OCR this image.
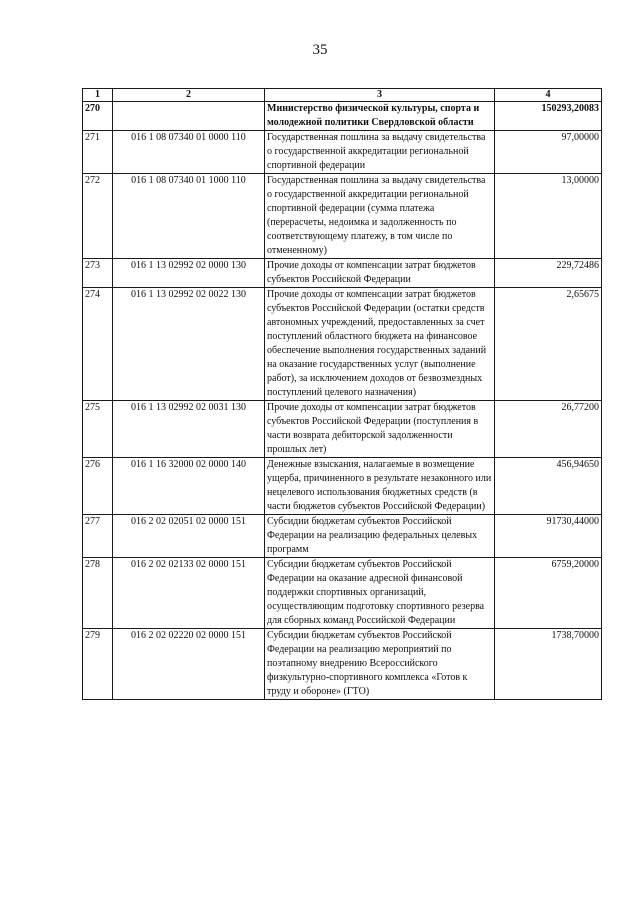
35
1	2	3	4
270		Министерство физической культуры, спорта и молодежной политики Свердловской области	150293,20083
271	016 1 08 07340 01 0000 110	Государственная пошлина за выдачу свидетельства о государственной аккредитации региональной спортивной федерации	97,00000
272	016 1 08 07340 01 1000 110	Государственная пошлина за выдачу свидетельства о государственной аккредитации региональной спортивной федерации (сумма платежа (перерасчеты, недоимка и задолженность по соответствующему платежу, в том числе по отмененному)	13,00000
273	016 1 13 02992 02 0000 130	Прочие доходы от компенсации затрат бюджетов субъектов Российской Федерации	229,72486
274	016 1 13 02992 02 0022 130	Прочие доходы от компенсации затрат бюджетов субъектов Российской Федерации (остатки средств автономных учреждений, предоставленных за счет поступлений областного бюджета на финансовое обеспечение выполнения государственных заданий на оказание государственных услуг (выполнение работ), за исключением доходов от безвозмездных поступлений целевого назначения)	2,65675
275	016 1 13 02992 02 0031 130	Прочие доходы от компенсации затрат бюджетов субъектов Российской Федерации (поступления в части возврата дебиторской задолженности прошлых лет)	26,77200
276	016 1 16 32000 02 0000 140	Денежные взыскания, налагаемые в возмещение ущерба, причиненного в результате незаконного или нецелевого использования бюджетных средств (в части бюджетов субъектов Российской Федерации)	456,94650
277	016 2 02 02051 02 0000 151	Субсидии бюджетам субъектов Российской Федерации на реализацию федеральных целевых программ	91730,44000
278	016 2 02 02133 02 0000 151	Субсидии бюджетам субъектов Российской Федерации на оказание адресной финансовой поддержки спортивных организаций, осуществляющим подготовку спортивного резерва для сборных команд Российской Федерации	6759,20000
279	016 2 02 02220 02 0000 151	Субсидии бюджетам субъектов Российской Федерации на реализацию мероприятий по поэтапному внедрению Всероссийского физкультурно-спортивного комплекса «Готов к труду и обороне» (ГТО)	1738,70000
